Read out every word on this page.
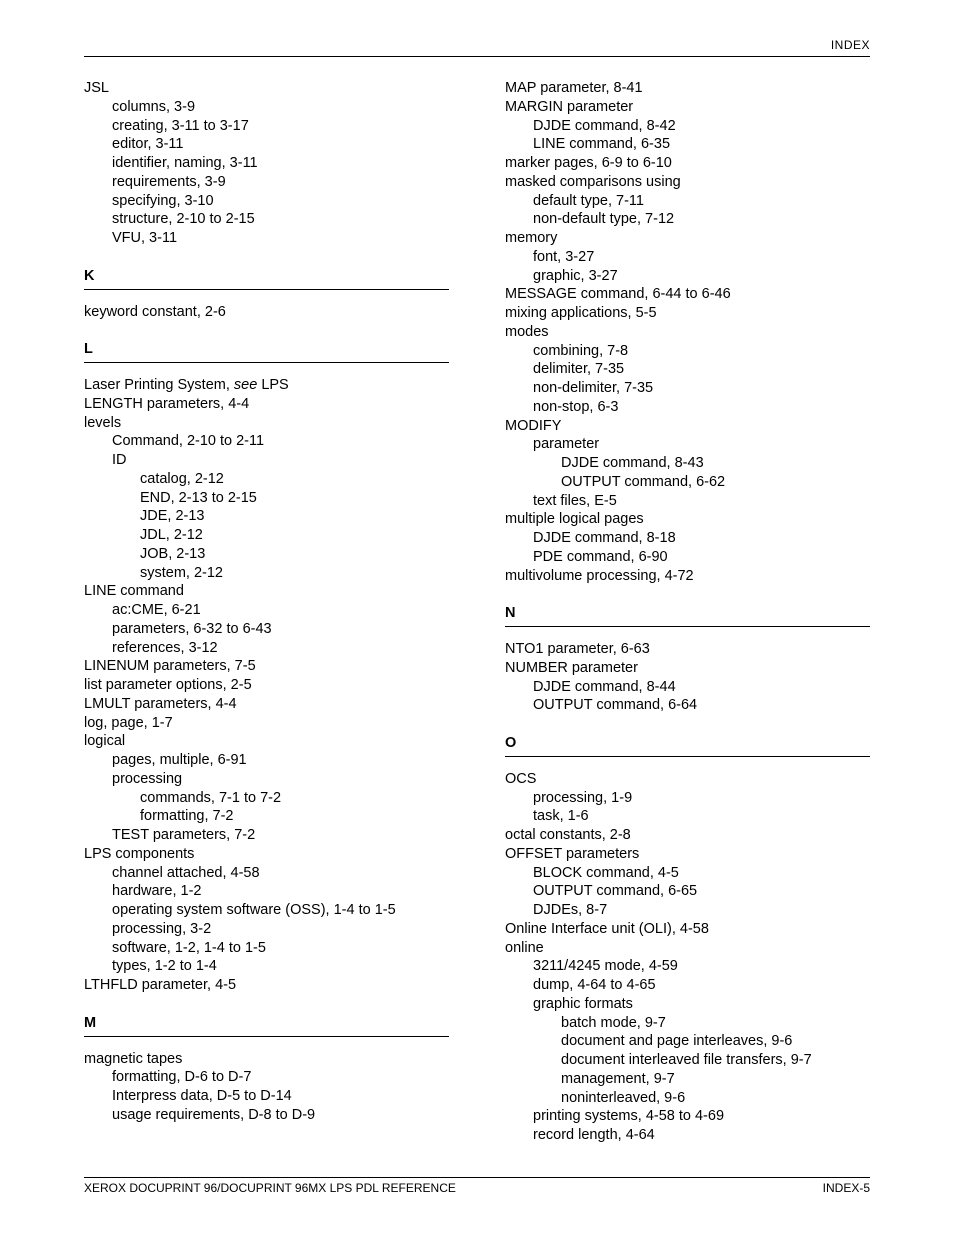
INDEX
JSL
columns, 3-9
creating, 3-11 to 3-17
editor, 3-11
identifier, naming, 3-11
requirements, 3-9
specifying, 3-10
structure, 2-10 to 2-15
VFU, 3-11
K
keyword constant, 2-6
L
Laser Printing System, see LPS
LENGTH parameters, 4-4
levels
Command, 2-10 to 2-11
ID
catalog, 2-12
END, 2-13 to 2-15
JDE, 2-13
JDL, 2-12
JOB, 2-13
system, 2-12
LINE command
ac:CME, 6-21
parameters, 6-32 to 6-43
references, 3-12
LINENUM parameters, 7-5
list parameter options, 2-5
LMULT parameters, 4-4
log, page, 1-7
logical
pages, multiple, 6-91
processing
commands, 7-1 to 7-2
formatting, 7-2
TEST parameters, 7-2
LPS components
channel attached, 4-58
hardware, 1-2
operating system software (OSS), 1-4 to 1-5
processing, 3-2
software, 1-2, 1-4 to 1-5
types, 1-2 to 1-4
LTHFLD parameter, 4-5
M
magnetic tapes
formatting, D-6 to D-7
Interpress data, D-5 to D-14
usage requirements, D-8 to D-9
MAP parameter, 8-41
MARGIN parameter
DJDE command, 8-42
LINE command, 6-35
marker pages, 6-9 to 6-10
masked comparisons using
default type, 7-11
non-default type, 7-12
memory
font, 3-27
graphic, 3-27
MESSAGE command, 6-44 to 6-46
mixing applications, 5-5
modes
combining, 7-8
delimiter, 7-35
non-delimiter, 7-35
non-stop, 6-3
MODIFY
parameter
DJDE command, 8-43
OUTPUT command, 6-62
text files, E-5
multiple logical pages
DJDE command, 8-18
PDE command, 6-90
multivolume processing, 4-72
N
NTO1 parameter, 6-63
NUMBER parameter
DJDE command, 8-44
OUTPUT command, 6-64
O
OCS
processing, 1-9
task, 1-6
octal constants, 2-8
OFFSET parameters
BLOCK command, 4-5
OUTPUT command, 6-65
DJDEs, 8-7
Online Interface unit (OLI), 4-58
online
3211/4245 mode, 4-59
dump, 4-64 to 4-65
graphic formats
batch mode, 9-7
document and page interleaves, 9-6
document interleaved file transfers, 9-7
management, 9-7
noninterleaved, 9-6
printing systems, 4-58 to 4-69
record length, 4-64
XEROX DOCUPRINT 96/DOCUPRINT 96MX LPS PDL REFERENCE	INDEX-5
